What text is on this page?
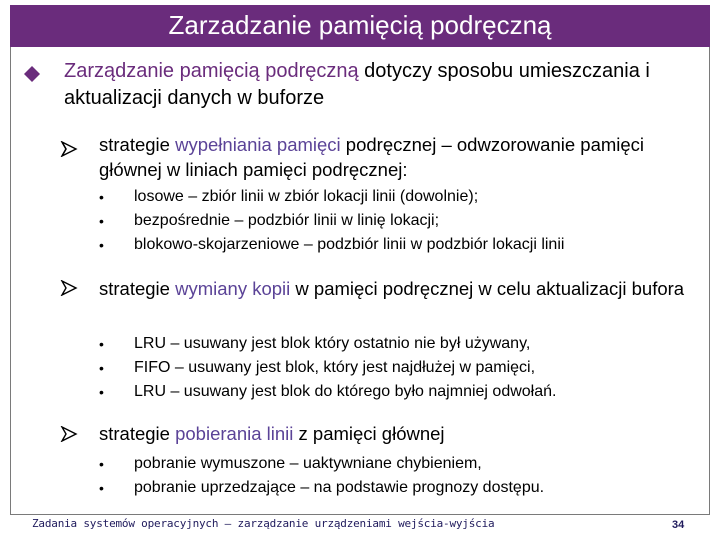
Zarzadzanie pamięcią podręczną
Zarządzanie pamięcią podręczną dotyczy sposobu umieszczania i aktualizacji danych w buforze
strategie wypełniania pamięci podręcznej – odwzorowanie pamięci głównej w liniach pamięci podręcznej:
• losowe – zbiór linii w zbiór lokacji linii (dowolnie);
• bezpośrednie – podzbiór linii w linię lokacji;
• blokowo-skojarzeniowe – podzbiór linii w podzbiór lokacji linii
strategie wymiany kopii w pamięci podręcznej w celu aktualizacji bufora
• LRU – usuwany jest blok który ostatnio nie był używany,
• FIFO – usuwany jest blok, który jest najdłużej w pamięci,
• LRU – usuwany jest blok do którego było najmniej odwołań.
strategie pobierania linii z pamięci głównej
• pobranie wymuszone – uaktywniane chybieniem,
• pobranie uprzedzające – na podstawie prognozy dostępu.
Zadania systemów operacyjnych – zarządzanie urządzeniami wejścia-wyjścia	34
